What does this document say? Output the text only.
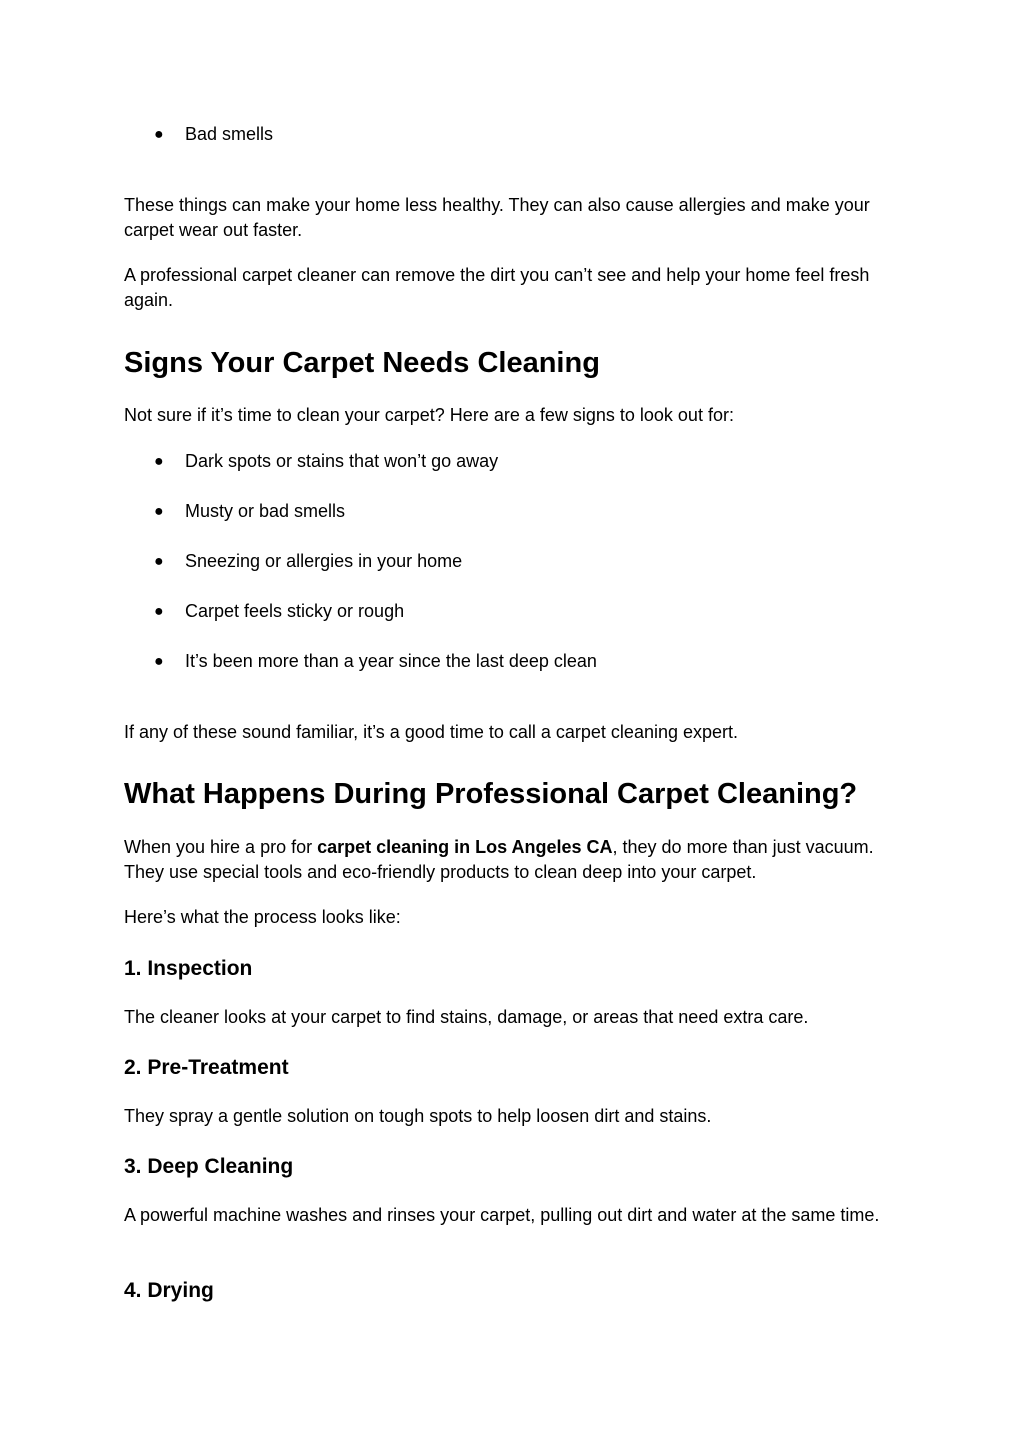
●	Bad smells

These things can make your home less healthy. They can also cause allergies and make your carpet wear out faster.

A professional carpet cleaner can remove the dirt you can’t see and help your home feel fresh again.

Signs Your Carpet Needs Cleaning

Not sure if it’s time to clean your carpet? Here are a few signs to look out for:

●	Dark spots or stains that won’t go away
●	Musty or bad smells
●	Sneezing or allergies in your home
●	Carpet feels sticky or rough
●	It’s been more than a year since the last deep clean

If any of these sound familiar, it’s a good time to call a carpet cleaning expert.

What Happens During Professional Carpet Cleaning?

When you hire a pro for carpet cleaning in Los Angeles CA, they do more than just vacuum. They use special tools and eco-friendly products to clean deep into your carpet.

Here’s what the process looks like:

1. Inspection

The cleaner looks at your carpet to find stains, damage, or areas that need extra care.

2. Pre-Treatment

They spray a gentle solution on tough spots to help loosen dirt and stains.

3. Deep Cleaning

A powerful machine washes and rinses your carpet, pulling out dirt and water at the same time.

4. Drying
